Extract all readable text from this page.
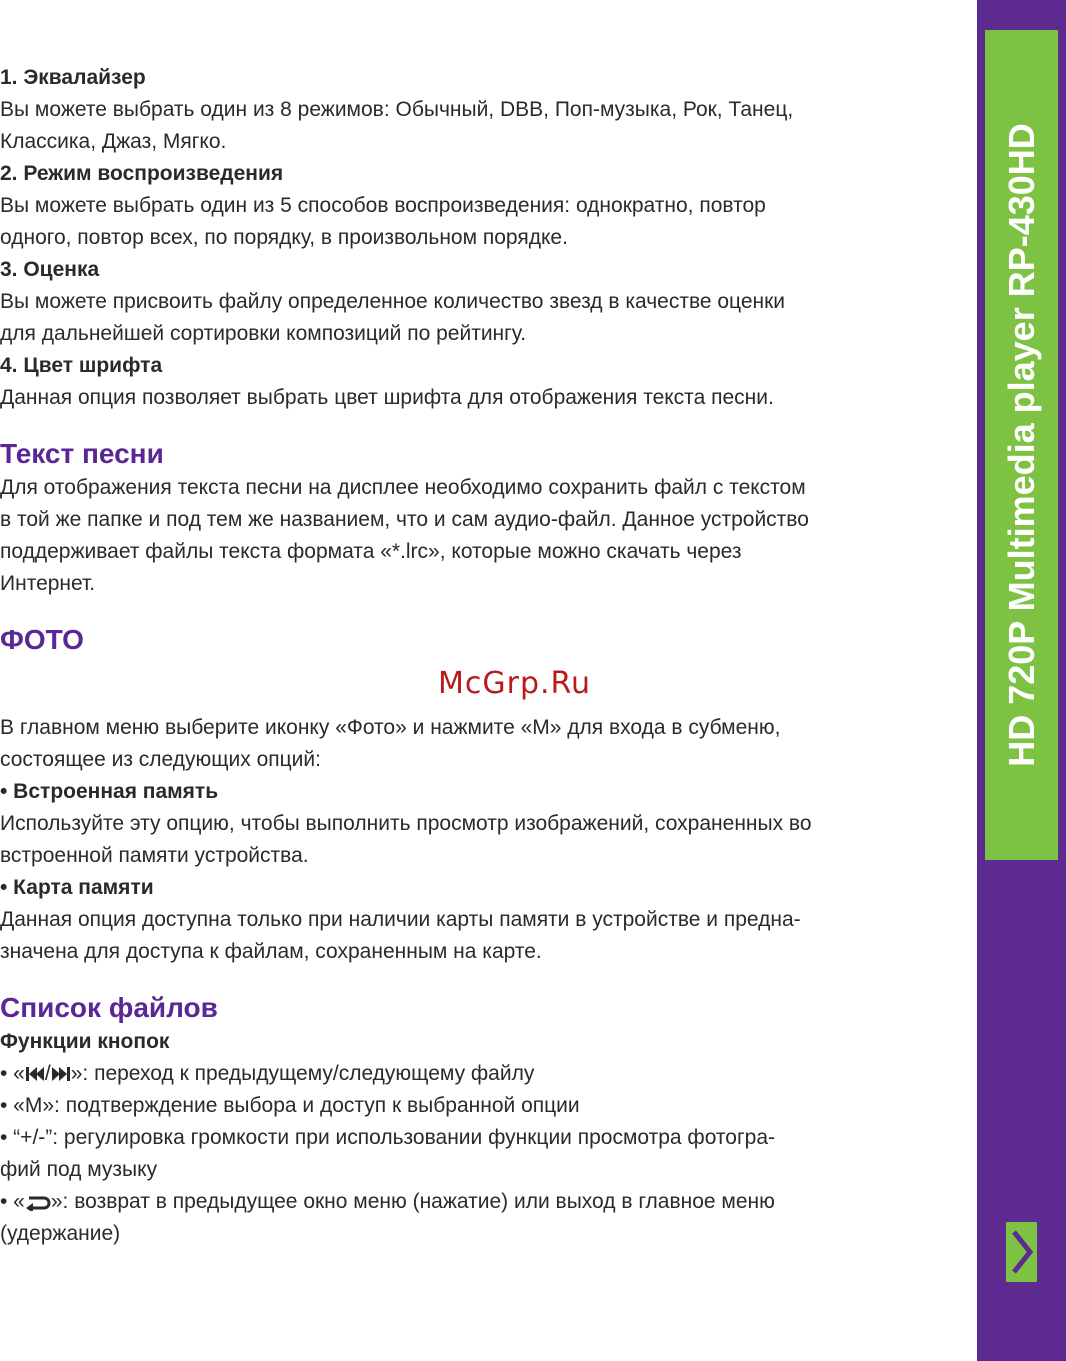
1. Эквалайзер

Вы можете выбрать один из 8 режимов: Обычный, DBB, Поп-музыка, Рок, Танец,

Классика, Джаз, Мягко.

2. Режим воспроизведения

Вы можете выбрать один из 5 способов воспроизведения: однократно, повтор

одного, повтор всех, по порядку, в произвольном порядке.

3. Оценка

Вы можете присвоить файлу определенное количество звезд в качестве оценки

для дальнейшей сортировки композиций по рейтингу.

4. Цвет шрифта

Данная опция позволяет выбрать цвет шрифта для отображения текста песни.

Текст песни

Для отображения текста песни на дисплее необходимо сохранить файл с текстом

в той же папке и под тем же названием, что и сам аудио-файл. Данное устройство

поддерживает файлы текста формата «*.lrc», которые можно скачать через

Интернет.

ФОТО

В главном меню выберите иконку «Фото» и нажмите «M» для входа в субменю,

состоящее из следующих опций:

• Встроенная память

Используйте эту опцию, чтобы выполнить просмотр изображений, сохраненных во

встроенной памяти устройства.

• Карта памяти

Данная опция доступна только при наличии карты памяти в устройстве и предна-

значена для доступа к файлам, сохраненным на карте.

Список файлов
Функции кнопок

• « / »: переход к предыдущему/следующему файлу

• «M»: подтверждение выбора и доступ к выбранной опции

• “+/-”: регулировка громкости при использовании функции просмотра фотогра-

фий под музыку

• « »: возврат в предыдущее окно меню (нажатие) или выход в главное меню

(удержание)

McGrp.Ru	HD 720P Multimedia player RP-430HD
